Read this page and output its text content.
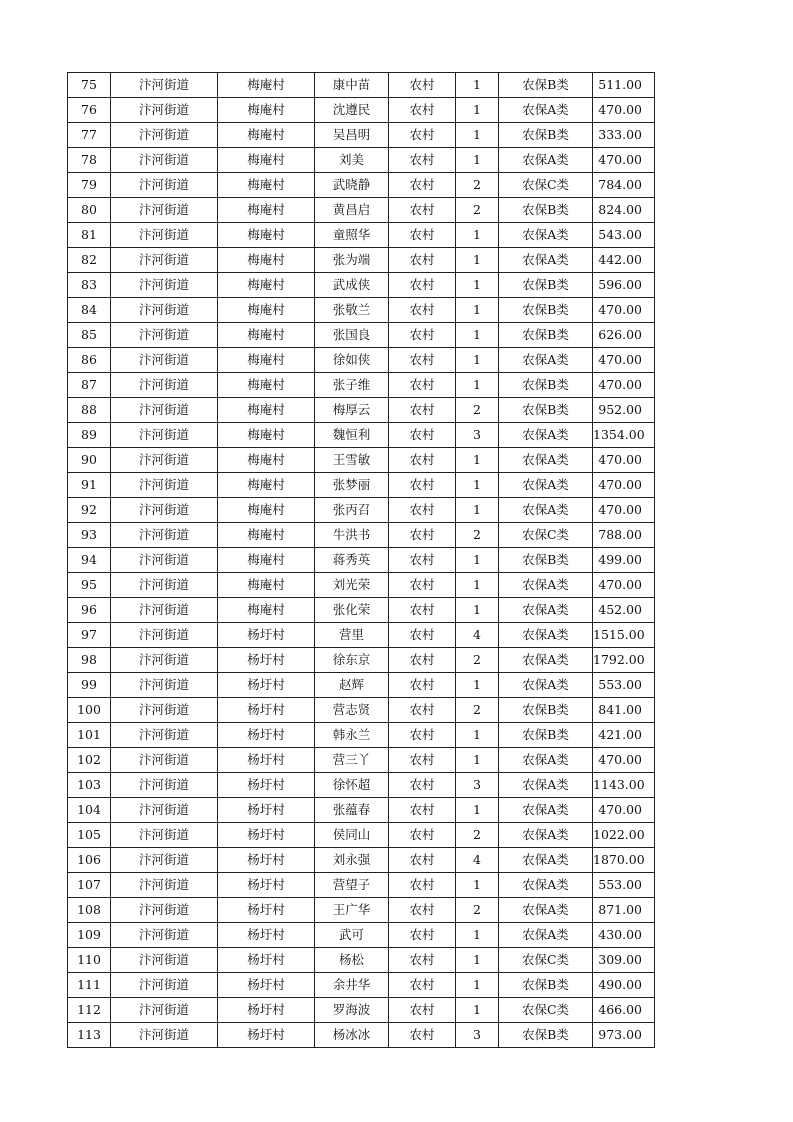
75	汴河街道	梅庵村	康中苗	农村	1	农保B类	511.00
76	汴河街道	梅庵村	沈遵民	农村	1	农保A类	470.00
77	汴河街道	梅庵村	吴昌明	农村	1	农保B类	333.00
78	汴河街道	梅庵村	刘美	农村	1	农保A类	470.00
79	汴河街道	梅庵村	武晓静	农村	2	农保C类	784.00
80	汴河街道	梅庵村	黄昌启	农村	2	农保B类	824.00
81	汴河街道	梅庵村	童照华	农村	1	农保A类	543.00
82	汴河街道	梅庵村	张为端	农村	1	农保A类	442.00
83	汴河街道	梅庵村	武成侠	农村	1	农保B类	596.00
84	汴河街道	梅庵村	张敬兰	农村	1	农保B类	470.00
85	汴河街道	梅庵村	张国良	农村	1	农保B类	626.00
86	汴河街道	梅庵村	徐如侠	农村	1	农保A类	470.00
87	汴河街道	梅庵村	张子维	农村	1	农保B类	470.00
88	汴河街道	梅庵村	梅厚云	农村	2	农保B类	952.00
89	汴河街道	梅庵村	魏恒利	农村	3	农保A类	1354.00
90	汴河街道	梅庵村	王雪敏	农村	1	农保A类	470.00
91	汴河街道	梅庵村	张梦丽	农村	1	农保A类	470.00
92	汴河街道	梅庵村	张丙召	农村	1	农保A类	470.00
93	汴河街道	梅庵村	牛洪书	农村	2	农保C类	788.00
94	汴河街道	梅庵村	蒋秀英	农村	1	农保B类	499.00
95	汴河街道	梅庵村	刘光荣	农村	1	农保A类	470.00
96	汴河街道	梅庵村	张化荣	农村	1	农保A类	452.00
97	汴河街道	杨圩村	营里	农村	4	农保A类	1515.00
98	汴河街道	杨圩村	徐东京	农村	2	农保A类	1792.00
99	汴河街道	杨圩村	赵辉	农村	1	农保A类	553.00
100	汴河街道	杨圩村	营志贤	农村	2	农保B类	841.00
101	汴河街道	杨圩村	韩永兰	农村	1	农保B类	421.00
102	汴河街道	杨圩村	营三丫	农村	1	农保A类	470.00
103	汴河街道	杨圩村	徐怀超	农村	3	农保A类	1143.00
104	汴河街道	杨圩村	张蕴春	农村	1	农保A类	470.00
105	汴河街道	杨圩村	侯同山	农村	2	农保A类	1022.00
106	汴河街道	杨圩村	刘永强	农村	4	农保A类	1870.00
107	汴河街道	杨圩村	营望子	农村	1	农保A类	553.00
108	汴河街道	杨圩村	王广华	农村	2	农保A类	871.00
109	汴河街道	杨圩村	武可	农村	1	农保A类	430.00
110	汴河街道	杨圩村	杨松	农村	1	农保C类	309.00
111	汴河街道	杨圩村	余井华	农村	1	农保B类	490.00
112	汴河街道	杨圩村	罗海波	农村	1	农保C类	466.00
113	汴河街道	杨圩村	杨冰冰	农村	3	农保B类	973.00
